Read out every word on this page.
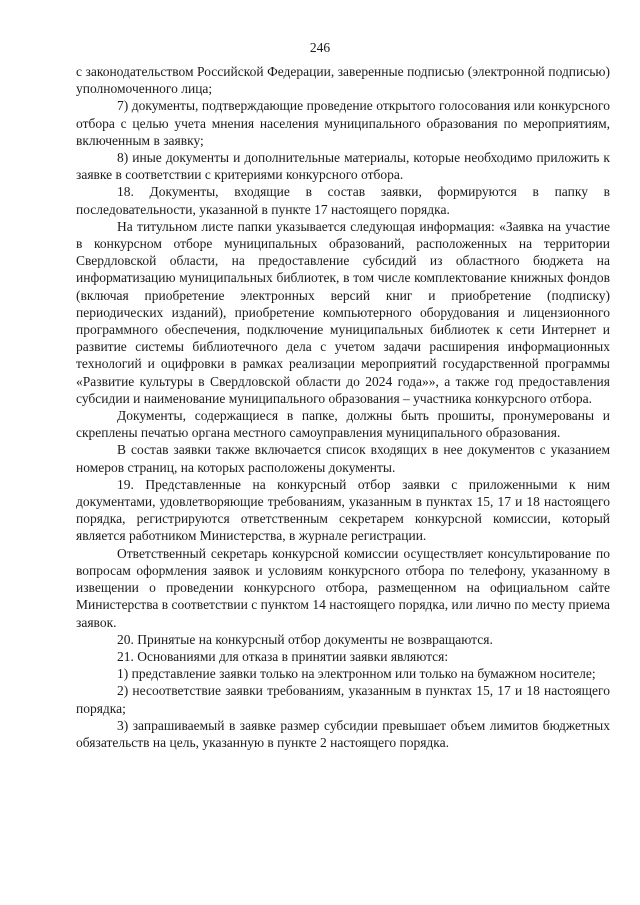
246

с законодательством Российской Федерации, заверенные подписью (электронной подписью) уполномоченного лица;

7) документы, подтверждающие проведение открытого голосования или конкурсного отбора с целью учета мнения населения муниципального образования по мероприятиям, включенным в заявку;

8) иные документы и дополнительные материалы, которые необходимо приложить к заявке в соответствии с критериями конкурсного отбора.

18. Документы, входящие в состав заявки, формируются в папку в последовательности, указанной в пункте 17 настоящего порядка.

На титульном листе папки указывается следующая информация: «Заявка на участие в конкурсном отборе муниципальных образований, расположенных на территории Свердловской области, на предоставление субсидий из областного бюджета на информатизацию муниципальных библиотек, в том числе комплектование книжных фондов (включая приобретение электронных версий книг и приобретение (подписку) периодических изданий), приобретение компьютерного оборудования и лицензионного программного обеспечения, подключение муниципальных библиотек к сети Интернет и развитие системы библиотечного дела с учетом задачи расширения информационных технологий и оцифровки в рамках реализации мероприятий государственной программы «Развитие культуры в Свердловской области до 2024 года»», а также год предоставления субсидии и наименование муниципального образования – участника конкурсного отбора.

Документы, содержащиеся в папке, должны быть прошиты, пронумерованы и скреплены печатью органа местного самоуправления муниципального образования.

В состав заявки также включается список входящих в нее документов с указанием номеров страниц, на которых расположены документы.

19. Представленные на конкурсный отбор заявки с приложенными к ним документами, удовлетворяющие требованиям, указанным в пунктах 15, 17 и 18 настоящего порядка, регистрируются ответственным секретарем конкурсной комиссии, который является работником Министерства, в журнале регистрации.

Ответственный секретарь конкурсной комиссии осуществляет консультирование по вопросам оформления заявок и условиям конкурсного отбора по телефону, указанному в извещении о проведении конкурсного отбора, размещенном на официальном сайте Министерства в соответствии с пунктом 14 настоящего порядка, или лично по месту приема заявок.

20. Принятые на конкурсный отбор документы не возвращаются.

21. Основаниями для отказа в принятии заявки являются:

1) представление заявки только на электронном или только на бумажном носителе;

2) несоответствие заявки требованиям, указанным в пунктах 15, 17 и 18 настоящего порядка;

3) запрашиваемый в заявке размер субсидии превышает объем лимитов бюджетных обязательств на цель, указанную в пункте 2 настоящего порядка.
